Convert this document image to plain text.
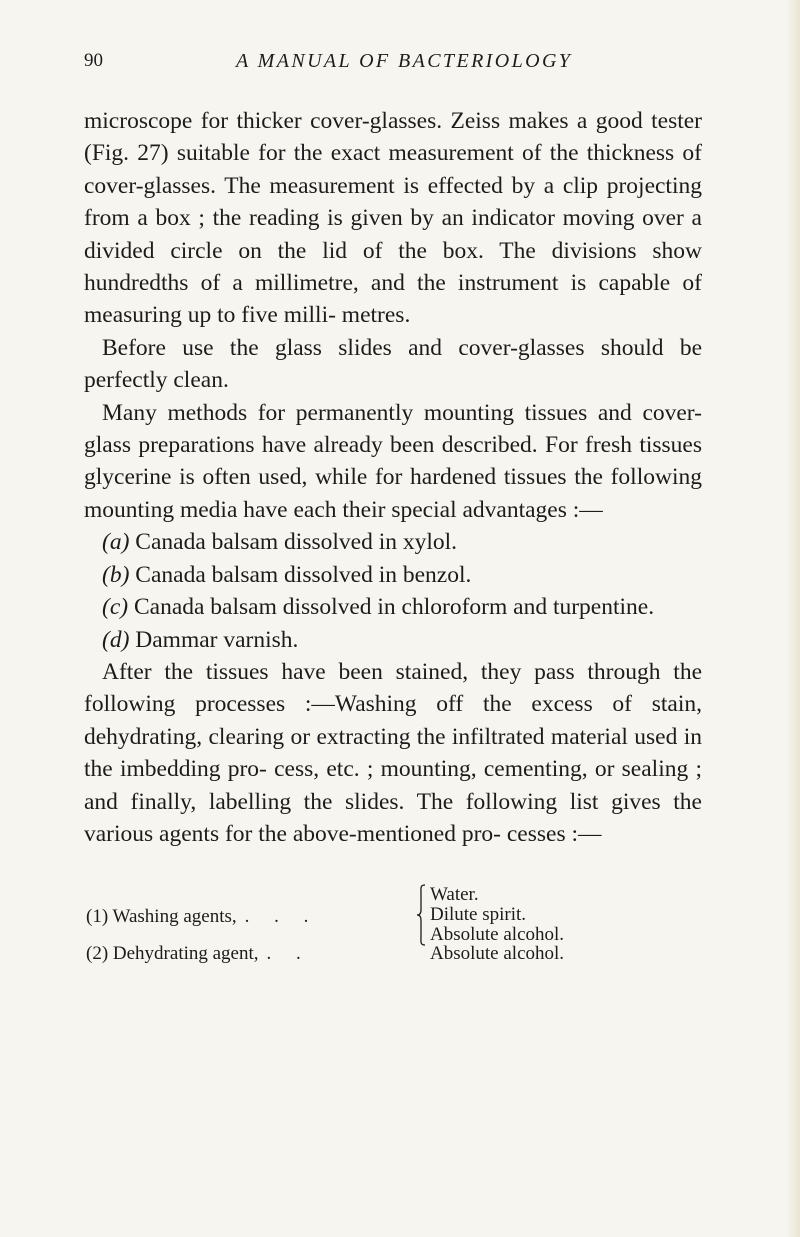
90	A MANUAL OF BACTERIOLOGY

microscope for thicker cover-glasses. Zeiss makes a good tester (Fig. 27) suitable for the exact measurement of the thickness of cover-glasses. The measurement is effected by a clip projecting from a box ; the reading is given by an indicator moving over a divided circle on the lid of the box. The divisions show hundredths of a millimetre, and the instrument is capable of measuring up to five milli- metres.

Before use the glass slides and cover-glasses should be perfectly clean.

Many methods for permanently mounting tissues and cover-glass preparations have already been described. For fresh tissues glycerine is often used, while for hardened tissues the following mounting media have each their special advantages :—

(a) Canada balsam dissolved in xylol.

(b) Canada balsam dissolved in benzol.

(c) Canada balsam dissolved in chloroform and turpentine.

(d) Dammar varnish.

After the tissues have been stained, they pass through the following processes :—Washing off the excess of stain, dehydrating, clearing or extracting the infiltrated material used in the imbedding pro- cess, etc. ; mounting, cementing, or sealing ; and finally, labelling the slides. The following list gives the various agents for the above-mentioned pro- cesses :—

(1) Washing agents, . . .
Water.
Dilute spirit.
Absolute alcohol.
(2) Dehydrating agent, . .	Absolute alcohol.
